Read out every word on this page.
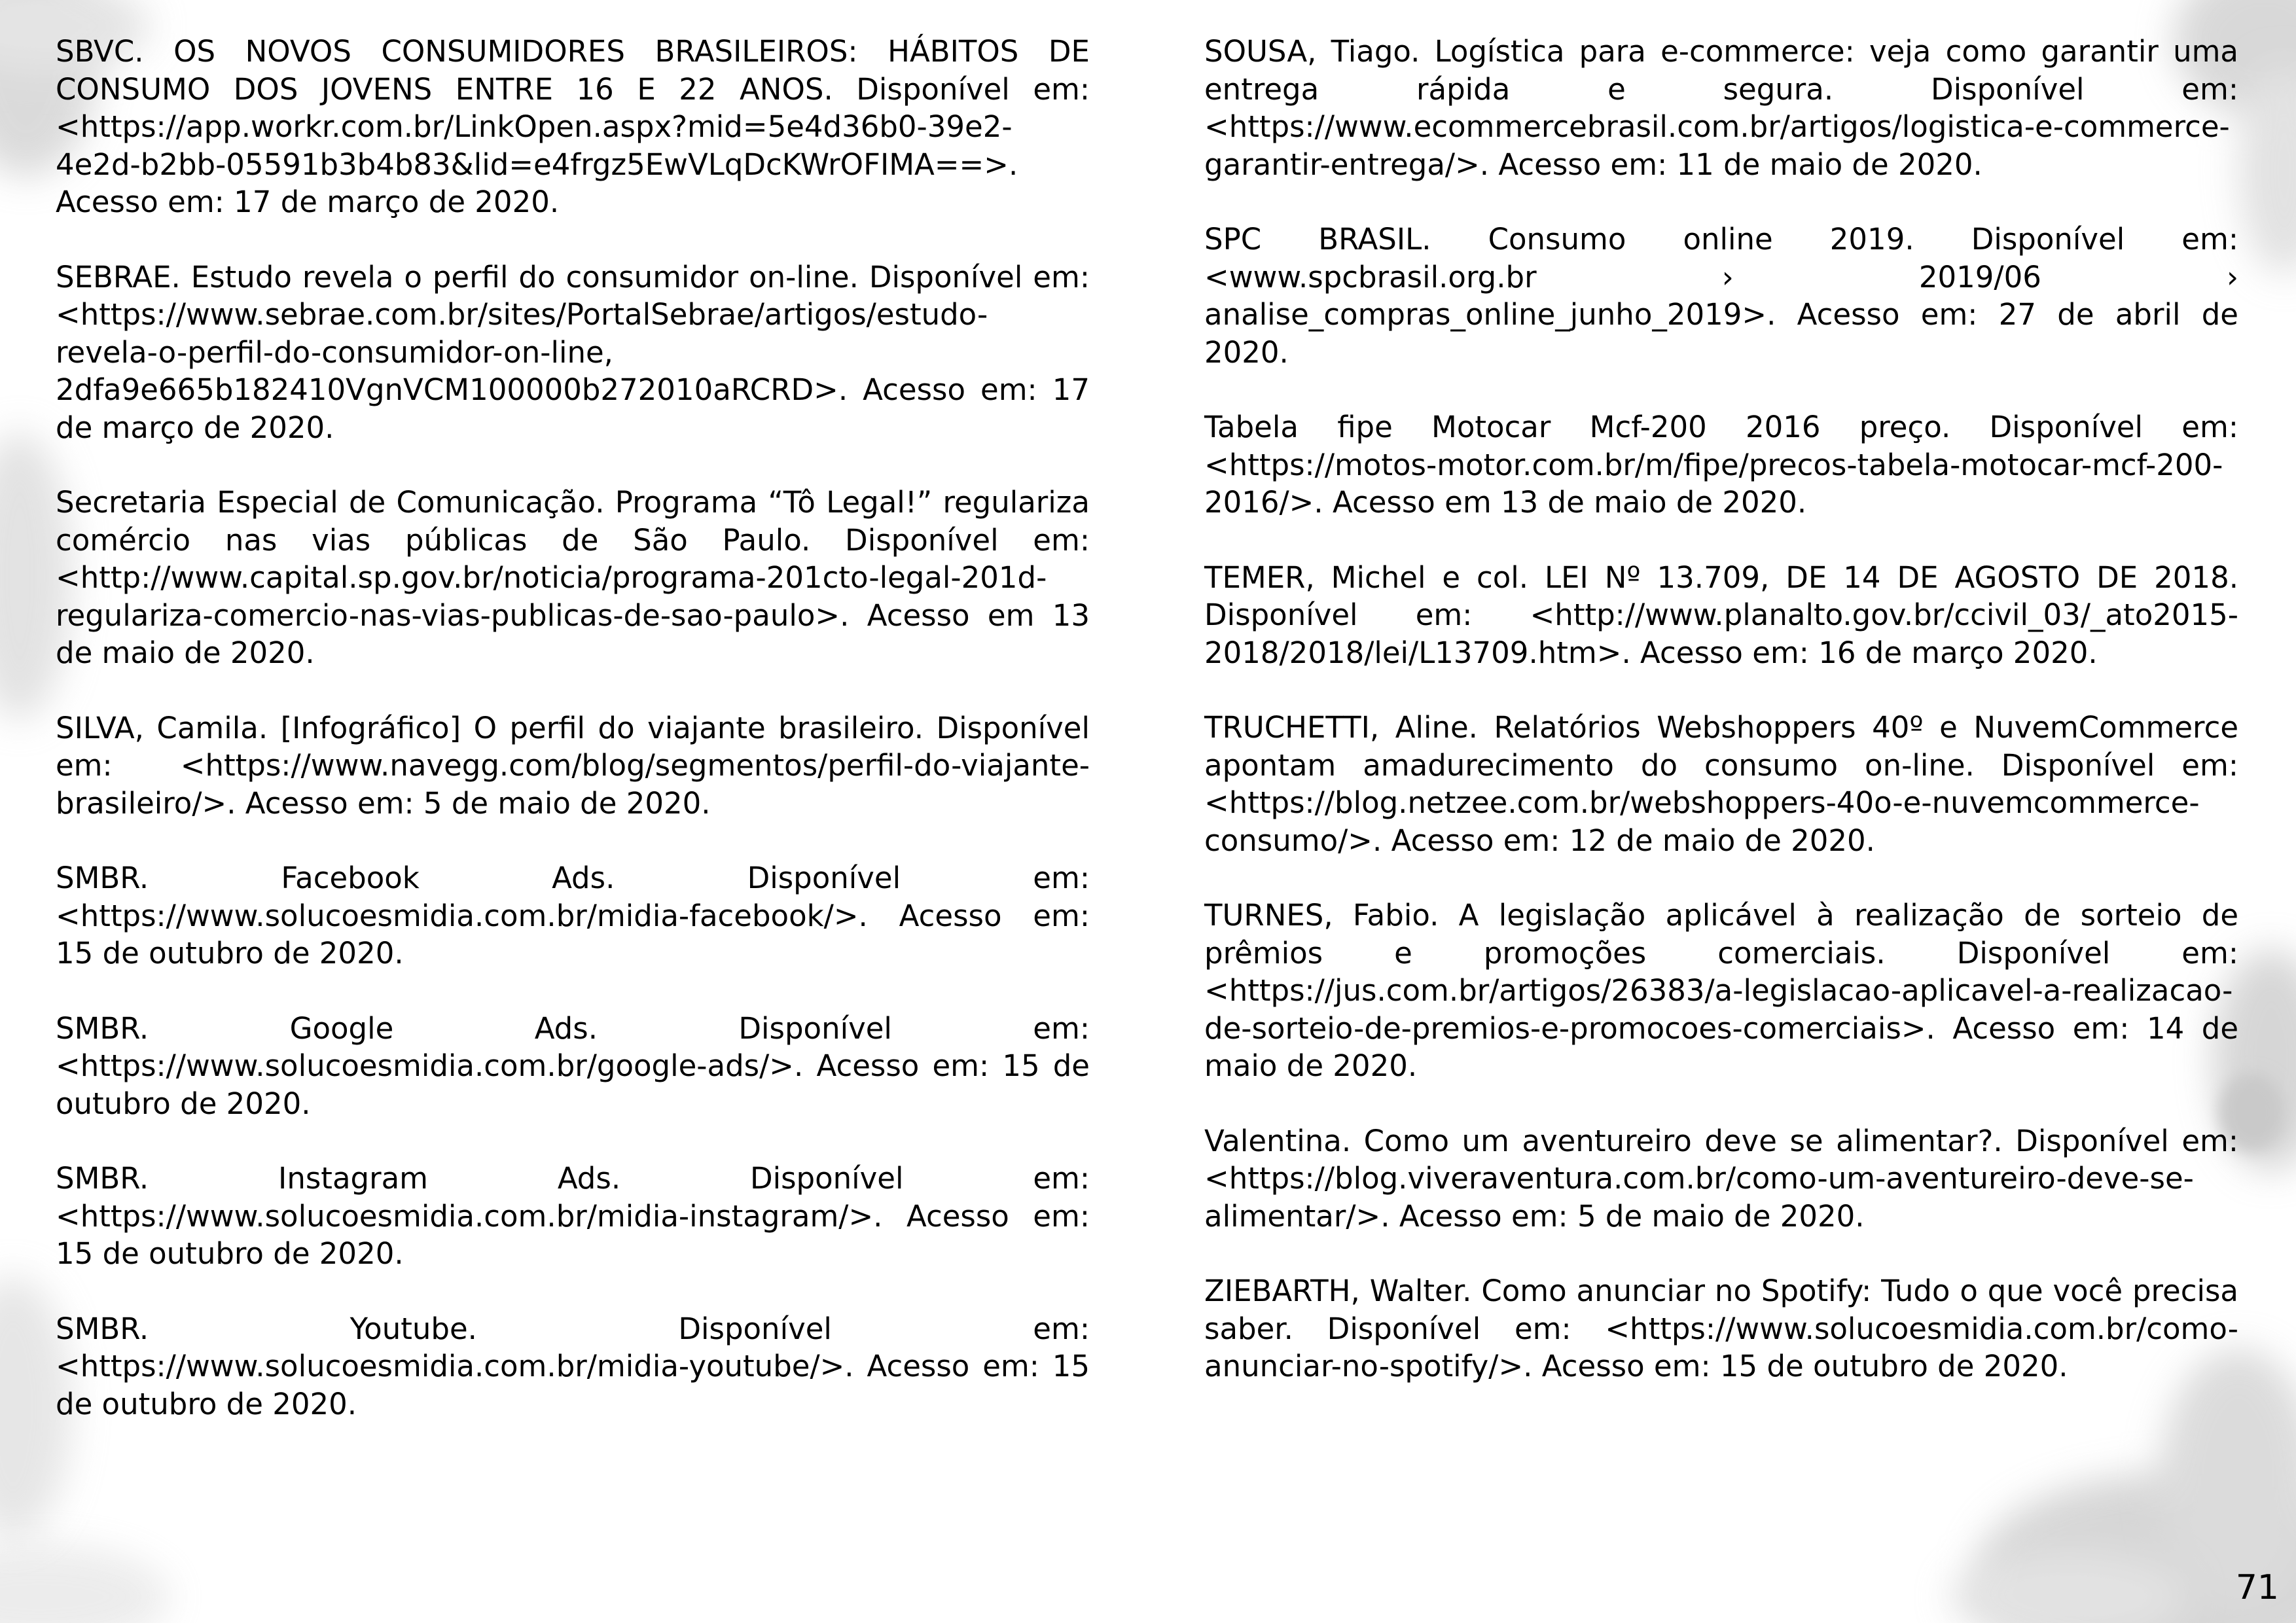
SBVC. OS NOVOS CONSUMIDORES BRASILEIROS: HÁBITOS DE CONSUMO DOS JOVENS ENTRE 16 E 22 ANOS. Disponível em: <https://app.workr.com.br/LinkOpen.aspx?mid=5e4d36b0-39e2-4e2d-b2bb-05591b3b4b83&lid=e4frgz5EwVLqDcKWrOFIMA==>. Acesso em: 17 de março de 2020.

SEBRAE. Estudo revela o perfil do consumidor on-line. Disponível em: <https://www.sebrae.com.br/sites/PortalSebrae/artigos/estudo-revela-o-perfil-do-consumidor-on-line, 2dfa9e665b182410VgnVCM100000b272010aRCRD>. Acesso em: 17 de março de 2020.

Secretaria Especial de Comunicação. Programa “Tô Legal!” regulariza comércio nas vias públicas de São Paulo. Disponível em: <http://www.capital.sp.gov.br/noticia/programa-201cto-legal-201d-regulariza-comercio-nas-vias-publicas-de-sao-paulo>. Acesso em 13 de maio de 2020.

SILVA, Camila. [Infográfico] O perfil do viajante brasileiro. Disponível em: <https://www.navegg.com/blog/segmentos/perfil-do-viajante-brasileiro/>. Acesso em: 5 de maio de 2020.

SMBR. Facebook Ads. Disponível em: <https://www.solucoesmidia.com.br/midia-facebook/>. Acesso em: 15 de outubro de 2020.

SMBR. Google Ads. Disponível em: <https://www.solucoesmidia.com.br/google-ads/>. Acesso em: 15 de outubro de 2020.

SMBR. Instagram Ads. Disponível em: <https://www.solucoesmidia.com.br/midia-instagram/>. Acesso em: 15 de outubro de 2020.

SMBR. Youtube. Disponível em: <https://www.solucoesmidia.com.br/midia-youtube/>. Acesso em: 15 de outubro de 2020.

SOUSA, Tiago. Logística para e-commerce: veja como garantir uma entrega rápida e segura. Disponível em: <https://www.ecommercebrasil.com.br/artigos/logistica-e-commerce-garantir-entrega/>. Acesso em: 11 de maio de 2020.

SPC BRASIL. Consumo online 2019. Disponível em: <www.spcbrasil.org.br › 2019/06 › analise_compras_online_junho_2019>. Acesso em: 27 de abril de 2020.

Tabela fipe Motocar Mcf-200 2016 preço. Disponível em: <https://motos-motor.com.br/m/fipe/precos-tabela-motocar-mcf-200-2016/>. Acesso em 13 de maio de 2020.

TEMER, Michel e col. LEI Nº 13.709, DE 14 DE AGOSTO DE 2018. Disponível em: <http://www.planalto.gov.br/ccivil_03/_ato2015-2018/2018/lei/L13709.htm>. Acesso em: 16 de março 2020.

TRUCHETTI, Aline. Relatórios Webshoppers 40º e NuvemCommerce apontam amadurecimento do consumo on-line. Disponível em: <https://blog.netzee.com.br/webshoppers-40o-e-nuvemcommerce-consumo/>. Acesso em: 12 de maio de 2020.

TURNES, Fabio. A legislação aplicável à realização de sorteio de prêmios e promoções comerciais. Disponível em: <https://jus.com.br/artigos/26383/a-legislacao-aplicavel-a-realizacao-de-sorteio-de-premios-e-promocoes-comerciais>. Acesso em: 14 de maio de 2020.

Valentina. Como um aventureiro deve se alimentar?. Disponível em: <https://blog.viveraventura.com.br/como-um-aventureiro-deve-se-alimentar/>. Acesso em: 5 de maio de 2020.

ZIEBARTH, Walter. Como anunciar no Spotify: Tudo o que você precisa saber. Disponível em: <https://www.solucoesmidia.com.br/como-anunciar-no-spotify/>. Acesso em: 15 de outubro de 2020.

71
